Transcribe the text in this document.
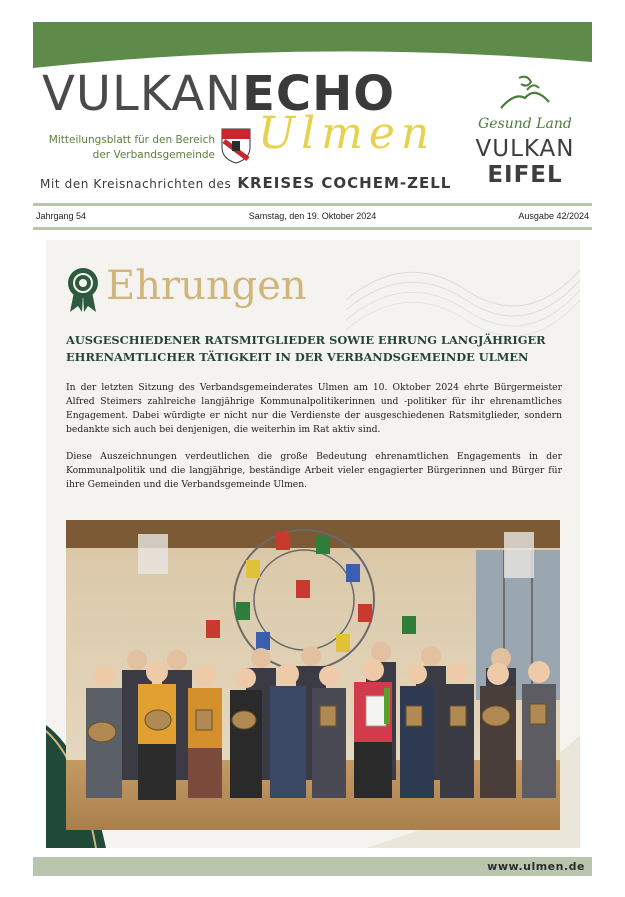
VULKANECHO
Mitteilungsblatt für den Bereich
der Verbandsgemeinde Ulmen
Mit den Kreisnachrichten des KREISES COCHEM-ZELL
Gesund Land
VULKAN
EIFEL
Jahrgang 54	Samstag, den 19. Oktober 2024	Ausgabe 42/2024
Ehrungen
AUSGESCHIEDENER RATSMITGLIEDER SOWIE EHRUNG LANGJÄHRIGER EHRENAMTLICHER TÄTIGKEIT IN DER VERBANDSGEMEINDE ULMEN

In der letzten Sitzung des Verbandsgemeinderates Ulmen am 10. Oktober 2024 ehrte Bürgermeister Alfred Steimers zahlreiche langjährige Kommunalpolitikerinnen und -politiker für ihr ehrenamtliches Engagement. Dabei würdigte er nicht nur die Verdienste der ausgeschiedenen Ratsmitglieder, sondern bedankte sich auch bei denjenigen, die weiterhin im Rat aktiv sind.

Diese Auszeichnungen verdeutlichen die große Bedeutung ehrenamtlichen Engagements in der Kommunalpolitik und die langjährige, beständige Arbeit vieler engagierter Bürgerinnen und Bürger für ihre Gemeinden und die Verbandsgemeinde Ulmen.

www.ulmen.de
